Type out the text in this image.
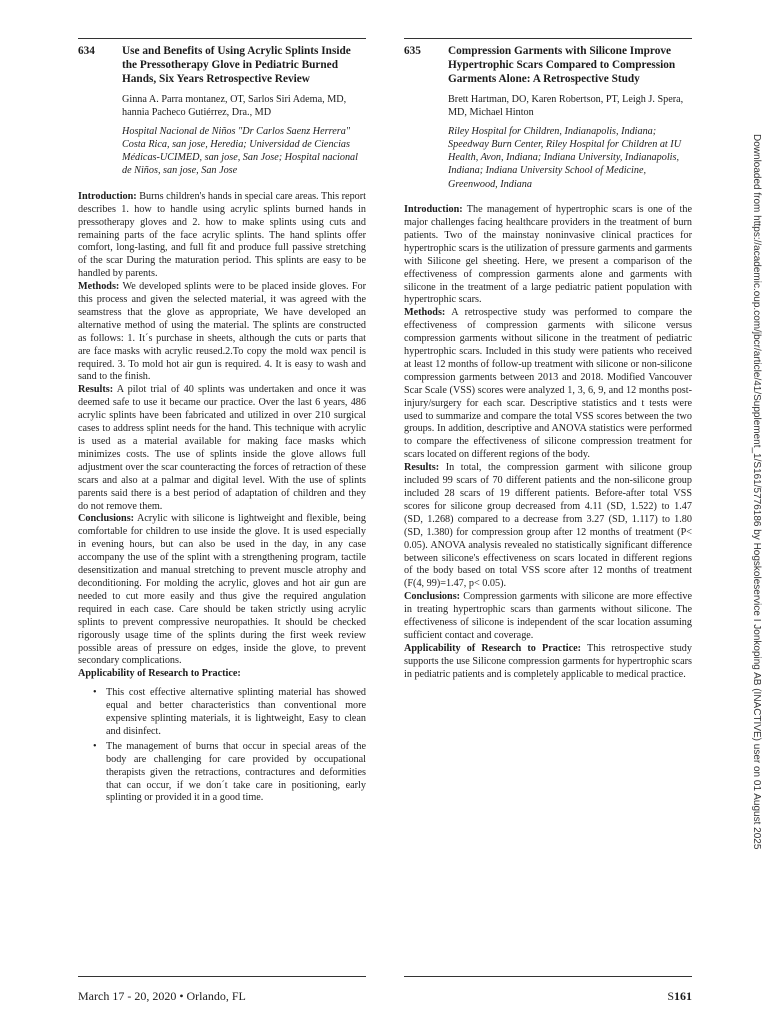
634	Use and Benefits of Using Acrylic Splints Inside the Pressotherapy Glove in Pediatric Burned Hands, Six Years Retrospective Review

Ginna A. Parra montanez, OT, Sarlos Siri Adema, MD, hannia Pacheco Gutiérrez, Dra., MD
Hospital Nacional de Niños "Dr Carlos Saenz Herrera" Costa Rica, san jose, Heredia; Universidad de Ciencias Médicas-UCIMED, san jose, San Jose; Hospital nacional de Niños, san jose, San Jose

Introduction: Burns children's hands in special care areas. This report describes 1. how to handle using acrylic splints burned hands in pressotherapy gloves and 2. how to make splints using cuts and remaining parts of the face acrylic splints. The hand splints offer comfort, long-lasting, and full fit and produce full passive stretching of the scar During the maturation period. This splints are easy to be handled by parents.

Methods: We developed splints were to be placed inside gloves. For this process and given the selected material, it was agreed with the seamstress that the glove as appropriate, We have developed an alternative method of using the material. The splints are constructed as follows: 1. It´s purchase in sheets, although the cuts or parts that are face masks with acrylic reused.2.To copy the mold wax pencil is required. 3. To mold hot air gun is required. 4. It is easy to wash and sand to the finish.

Results: A pilot trial of 40 splints was undertaken and once it was deemed safe to use it became our practice. Over the last 6 years, 486 acrylic splints have been fabricated and utilized in over 210 surgical cases to address splint needs for the hand. This technique with acrylic is used as a material available for making face masks which minimizes costs. The use of splints inside the glove allows full adjustment over the scar counteracting the forces of retraction of these scars and also at a palmar and digital level. With the use of splints parents said there is a best period of adaptation of children and they do not remove them.

Conclusions: Acrylic with silicone is lightweight and flexible, being comfortable for children to use inside the glove. It is used especially in evening hours, but can also be used in the day, in any case accompany the use of the splint with a strengthening program, tactile desensitization and manual stretching to prevent muscle atrophy and deconditioning. For molding the acrylic, gloves and hot air gun are needed to cut more easily and thus give the required angulation required in each case. Care should be taken strictly using acrylic splints to prevent compressive neuropathies. It should be checked rigorously usage time of the splints during the first week review possible areas of pressure on edges, inside the glove, to prevent secondary complications.

Applicability of Research to Practice:

• This cost effective alternative splinting material has showed equal and better characteristics than conventional more expensive splinting materials, it is lightweight, Easy to clean and disinfect.
• The management of burns that occur in special areas of the body are challenging for care provided by occupational therapists given the retractions, contractures and deformities that can occur, if we don´t take care in positioning, early splinting or provided it in a good time.
635	Compression Garments with Silicone Improve Hypertrophic Scars Compared to Compression Garments Alone: A Retrospective Study

Brett Hartman, DO, Karen Robertson, PT, Leigh J. Spera, MD, Michael Hinton
Riley Hospital for Children, Indianapolis, Indiana; Speedway Burn Center, Riley Hospital for Children at IU Health, Avon, Indiana; Indiana University, Indianapolis, Indiana; Indiana University School of Medicine, Greenwood, Indiana

Introduction: The management of hypertrophic scars is one of the major challenges facing healthcare providers in the treatment of burn patients. Two of the mainstay noninvasive clinical practices for hypertrophic scars is the utilization of pressure garments and garments with Silicone gel sheeting. Here, we present a comparison of the effectiveness of compression garments alone and garments with silicone in the treatment of a large pediatric patient population with hypertrophic scars.

Methods: A retrospective study was performed to compare the effectiveness of compression garments with silicone versus compression garments without silicone in the treatment of pediatric hypertrophic scars. Included in this study were patients who received at least 12 months of follow-up treatment with silicone or non-silicone compression garments between 2013 and 2018. Modified Vancouver Scar Scale (VSS) scores were analyzed 1, 3, 6, 9, and 12 months post-injury/surgery for each scar. Descriptive statistics and t tests were used to summarize and compare the total VSS scores between the two groups. In addition, descriptive and ANOVA statistics were performed to compare the effectiveness of silicone compression treatment for scars located on different regions of the body.

Results: In total, the compression garment with silicone group included 99 scars of 70 different patients and the non-silicone group included 28 scars of 19 different patients. Before-after total VSS scores for silicone group decreased from 4.11 (SD, 1.522) to 1.47 (SD, 1.268) compared to a decrease from 3.27 (SD, 1.117) to 1.80 (SD, 1.380) for compression group after 12 months of treatment (P< 0.05). ANOVA analysis revealed no statistically significant difference between silicone's effectiveness on scars located in different regions of the body based on total VSS score after 12 months of treatment (F(4, 99)=1.47, p< 0.05).

Conclusions: Compression garments with silicone are more effective in treating hypertrophic scars than garments without silicone. The effectiveness of silicone is independent of the scar location assuming sufficient contact and coverage.

Applicability of Research to Practice: This retrospective study supports the use Silicone compression garments for hypertrophic scars in pediatric patients and is completely applicable to medical practice.

March 17 - 20, 2020 • Orlando, FL	S161
Downloaded from https://academic.oup.com/jbcr/article/41/Supplement_1/S161/5776186 by Hogskoleservice I Jonkoping AB (INACTIVE) user on 01 August 2025
